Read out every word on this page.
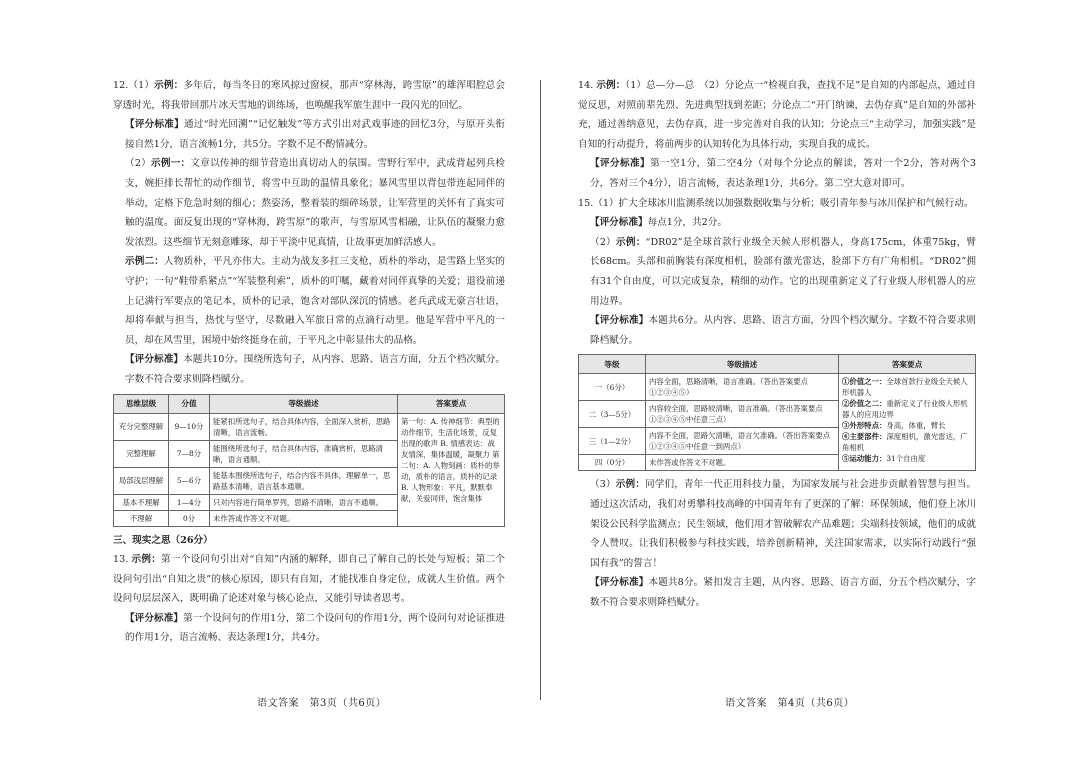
12.（1）示例：多年后，每当冬日的寒风掠过窗棂，那声“穿林海，跨雪原”的雄浑唱腔总会穿透时光，将我带回那片冰天雪地的训练场，也唤醒我军旅生涯中一段闪光的回忆。

【评分标准】通过“时光回溯”“记忆触发”等方式引出对武戏事迹的回忆3分，与原开头衔接自然1分，语言流畅1分，共5分。字数不足不酌情减分。

（2）示例一：文章以传神的细节营造出真切动人的氛围。雪野行军中，武成背起列兵检支，婉拒排长帮忙的动作细节，将雪中互助的温情具象化；暴风雪里以背包带连起同伴的举动，定格下危急时刻的细心；熬姿汤，整着装的细碎场景，让军营里的关怀有了真实可触的温度。面反复出现的“穿林海，跨雪原”的歌声，与雪原风雪相融，让队伍的凝聚力愈发浓烈。这些细节无刻意雕琢，却于平淡中见真情，让故事更加鲜活感人。

示例二：人物质朴，平凡亦伟大。主动为战友多扛三支枪，质朴的举动，是雪路上坚实的守护；一句“鞋带系紧点”“军装整利索”，质朴的叮嘱，藏着对同伴真挚的关爱；退役前递上记满行军要点的笔记本，质朴的记录，饱含对部队深沉的情感。老兵武成无豪言壮语，却将奉献与担当，热忱与坚守，尽数融入军旅日常的点滴行动里。他是军营中平凡的一员，却在风雪里，困境中始终挺身在前，于平凡之中彰显伟大的品格。

【评分标准】本题共10分。围绕所选句子，从内容、思路、语言方面，分五个档次赋分。字数不符合要求则降档赋分。

思维层级	分值	等级描述	答案要点
充分完整理解	9—10分	能紧扣所选句子，结合具体内容，全面深入赏析，思路清晰，语言流畅。	第一句：A. 传神细节：典型的动作细节，生活化场景，反复出现的歌声 B. 情感表达：战友情深，集体温暖，凝聚力 第二句：A. 人物刻画：质朴的举动，质朴的语言，质朴的记录 B. 人物形象：平凡，默默奉献，关爱同伴，饱含集体
完整理解	7—8分	能围绕所选句子，结合具体内容，准确赏析，思路清晰，语言通顺。	
局部浅层理解	5—6分	能基本围绕所选句子，结合内容不具体，理解单一，思路基本清晰，语言基本通顺。	
基本不理解	1—4分	只对内容进行简单罗列，思路不清晰，语言不通顺。	
不理解	0分	未作答或作答文不对题。	

三、现实之思（26分）

13. 示例：第一个设问句引出对“自知”内涵的解释，即自己了解自己的长处与短板；第二个设问句引出“自知之贵”的核心原因，即只有自知，才能找准自身定位，成就人生价值。两个设问句层层深入，既明确了论述对象与核心论点，又能引导读者思考。

【评分标准】第一个设问句的作用1分，第二个设问句的作用1分，两个设问句对论证推进的作用1分，语言流畅、表达条理1分，共4分。

14. 示例：（1）总—分—总　（2）分论点一“检视自我，查找不足”是自知的内部起点，通过自觉反思，对照前辈先烈、先进典型找到差距；分论点二“开门纳谏，去伪存真”是自知的外部补充，通过善纳意见，去伪存真，进一步完善对自我的认知；分论点三“主动学习，加强实践”是自知的行动提升，将前两步的认知转化为具体行动，实现自我的成长。

【评分标准】第一空1分，第二空4分（对每个分论点的解读，答对一个2分，答对两个3分，答对三个4分），语言流畅，表达条理1分，共6分。第二空大意对即可。

15.（1）扩大全球冰川监测系统以加强数据收集与分析；吸引青年参与冰川保护和气候行动。

【评分标准】每点1分，共2分。

（2）示例：“DR02”是全球首款行业级全天候人形机器人，身高175cm，体重75kg，臂长68cm。头部和前胸装有深度相机，脸部有激光雷达，脸部下方有广角相机。“DR02”拥有31个自由度，可以完成复杂，精细的动作。它的出现重新定义了行业级人形机器人的应用边界。

【评分标准】本题共6分。从内容、思路、语言方面，分四个档次赋分。字数不符合要求则降档赋分。

等级	等级描述	答案要点
一（6分）	内容全面，思路清晰，语言准确。（答出答案要点①②③④⑤）	①价值之一：全球首款行业级全天候人形机器人
②价值之二：重新定义了行业级人形机器人的应用边界
③外形特点：身高，体重，臂长
④主要部件：深度相机，激光雷达，广角相机
⑤运动能力：31个自由度

二（3—5分）	内容较全面，思路较清晰，语言准确。（答出答案要点①②③④⑤中任意三点）	
三（1—2分）	内容不全面，思路欠清晰，语言欠准确。（答出答案要点①②③④⑤中任意一到两点）	
四（0分）	未作答或作答文不对题。	

（3）示例：同学们，青年一代正用科技力量，为国家发展与社会进步贡献着智慧与担当。通过这次活动，我们对勇攀科技高峰的中国青年有了更深的了解：环保领域，他们登上冰川架设公民科学监测点；民生领域，他们用才智破解农产品难题；尖端科技领域，他们的成就令人赞叹。让我们积极参与科技实践，培养创新精神，关注国家需求，以实际行动践行“强国有我”的誓言！

【评分标准】本题共8分。紧扣发言主题，从内容、思路、语言方面，分五个档次赋分，字数不符合要求则降档赋分。

语文答案　第3页（共6页）	语文答案　第4页（共6页）
